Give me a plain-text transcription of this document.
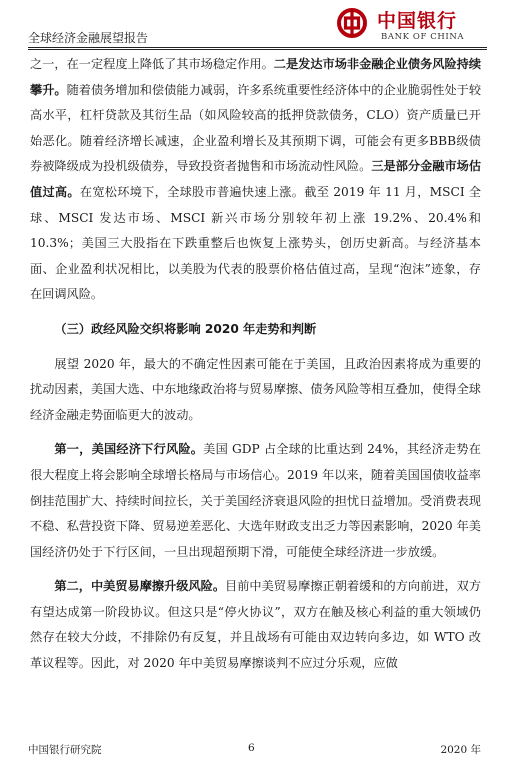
全球经济金融展望报告
中国银行
BANK OF CHINA

之一，在一定程度上降低了其市场稳定作用。二是发达市场非金融企业债务风险持续攀升。随着债务增加和偿债能力减弱，许多系统重要性经济体中的企业脆弱性处于较高水平，杠杆贷款及其衍生品（如风险较高的抵押贷款债务，CLO）资产质量已开始恶化。随着经济增长减速，企业盈利增长及其预期下调，可能会有更多BBB级债券被降级成为投机级债券，导致投资者抛售和市场流动性风险。三是部分金融市场估值过高。在宽松环境下，全球股市普遍快速上涨。截至 2019 年 11 月，MSCI 全球、MSCI 发达市场、MSCI 新兴市场分别较年初上涨 19.2%、20.4%和 10.3%；美国三大股指在下跌重整后也恢复上涨势头，创历史新高。与经济基本面、企业盈利状况相比，以美股为代表的股票价格估值过高，呈现“泡沫”迹象，存在回调风险。

（三）政经风险交织将影响 2020 年走势和判断

展望 2020 年，最大的不确定性因素可能在于美国，且政治因素将成为重要的扰动因素，美国大选、中东地缘政治将与贸易摩擦、债务风险等相互叠加，使得全球经济金融走势面临更大的波动。

第一，美国经济下行风险。美国 GDP 占全球的比重达到 24%，其经济走势在很大程度上将会影响全球增长格局与市场信心。2019 年以来，随着美国国债收益率倒挂范围扩大、持续时间拉长，关于美国经济衰退风险的担忧日益增加。受消费表现不稳、私营投资下降、贸易逆差恶化、大选年财政支出乏力等因素影响，2020 年美国经济仍处于下行区间，一旦出现超预期下滑，可能使全球经济进一步放缓。

第二，中美贸易摩擦升级风险。目前中美贸易摩擦正朝着缓和的方向前进，双方有望达成第一阶段协议。但这只是“停火协议”，双方在触及核心利益的重大领域仍然存在较大分歧，不排除仍有反复，并且战场有可能由双边转向多边，如 WTO 改革议程等。因此，对 2020 年中美贸易摩擦谈判不应过分乐观，应做

中国银行研究院	6	2020 年
